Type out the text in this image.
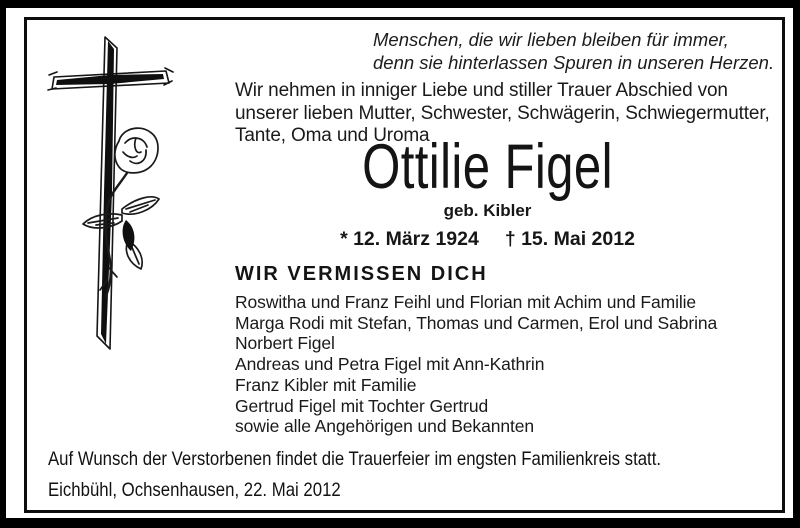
Menschen, die wir lieben bleiben für immer,
denn sie hinterlassen Spuren in unseren Herzen.
Wir nehmen in inniger Liebe und stiller Trauer Abschied von
unserer lieben Mutter, Schwester, Schwägerin, Schwiegermutter,
Tante, Oma und Uroma
Ottilie Figel
geb. Kibler
* 12. März 1924 † 15. Mai 2012
WIR VERMISSEN DICH
Roswitha und Franz Feihl und Florian mit Achim und Familie
Marga Rodi mit Stefan, Thomas und Carmen, Erol und Sabrina
Norbert Figel
Andreas und Petra Figel mit Ann-Kathrin
Franz Kibler mit Familie
Gertrud Figel mit Tochter Gertrud
sowie alle Angehörigen und Bekannten
Auf Wunsch der Verstorbenen findet die Trauerfeier im engsten Familienkreis statt.
Eichbühl, Ochsenhausen, 22. Mai 2012
